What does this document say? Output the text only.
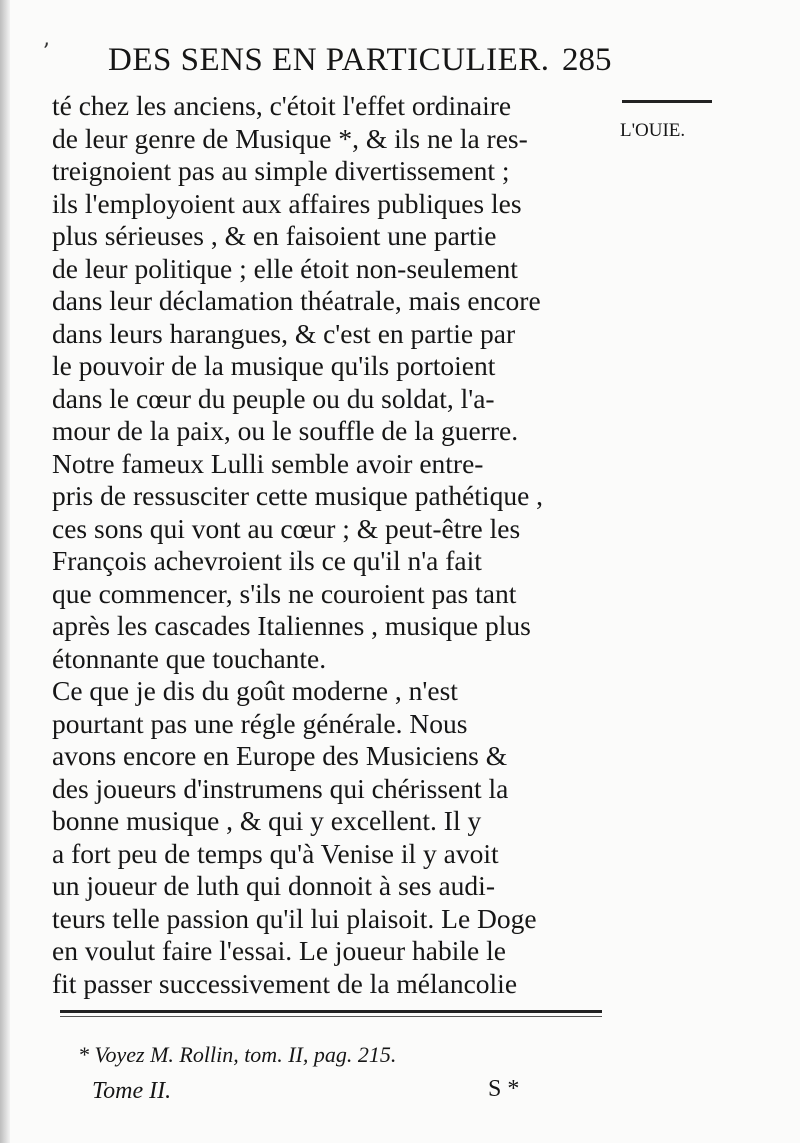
ʼ DES SENS EN PARTICULIER. 285
L'OUIE.
té chez les anciens, c'étoit l'effet ordinaire
de leur genre de Musique *, & ils ne la res-
treignoient pas au simple divertissement ;
ils l'employoient aux affaires publiques les
plus sérieuses , & en faisoient une partie
de leur politique ; elle étoit non-seulement
dans leur déclamation théatrale, mais encore
dans leurs harangues, & c'est en partie par
le pouvoir de la musique qu'ils portoient
dans le cœur du peuple ou du soldat, l'a-
mour de la paix, ou le souffle de la guerre.
Notre fameux Lulli semble avoir entre-
pris de ressusciter cette musique pathétique ,
ces sons qui vont au cœur ; & peut-être les
François achevroient ils ce qu'il n'a fait
que commencer, s'ils ne couroient pas tant
après les cascades Italiennes , musique plus
étonnante que touchante.
Ce que je dis du goût moderne , n'est
pourtant pas une régle générale. Nous
avons encore en Europe des Musiciens &
des joueurs d'instrumens qui chérissent la
bonne musique , & qui y excellent. Il y
a fort peu de temps qu'à Venise il y avoit
un joueur de luth qui donnoit à ses audi-
teurs telle passion qu'il lui plaisoit. Le Doge
en voulut faire l'essai. Le joueur habile le
fit passer successivement de la mélancolie
* Voyez M. Rollin, tom. II, pag. 215.
Tome II.	S *
